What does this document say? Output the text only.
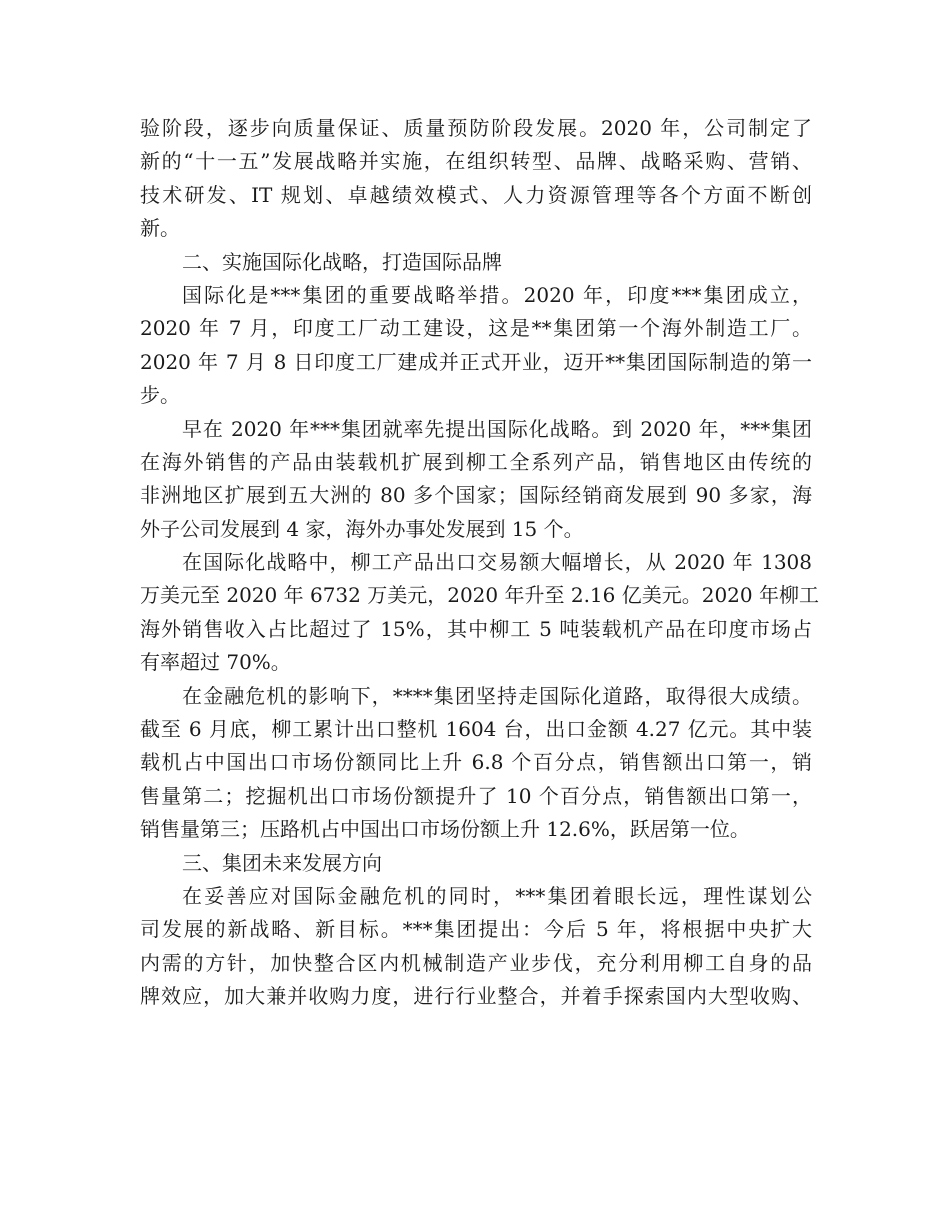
验阶段，逐步向质量保证、质量预防阶段发展。2020 年，公司制定了
新的“十一五”发展战略并实施，在组织转型、品牌、战略采购、营销、
技术研发、IT 规划、卓越绩效模式、人力资源管理等各个方面不断创
新。
二、实施国际化战略，打造国际品牌
国际化是***集团的重要战略举措。2020 年，印度***集团成立，
2020 年 7 月，印度工厂动工建设，这是**集团第一个海外制造工厂。
2020 年 7 月 8 日印度工厂建成并正式开业，迈开**集团国际制造的第一
步。
早在 2020 年***集团就率先提出国际化战略。到 2020 年，***集团
在海外销售的产品由装载机扩展到柳工全系列产品，销售地区由传统的
非洲地区扩展到五大洲的 80 多个国家；国际经销商发展到 90 多家，海
外子公司发展到 4 家，海外办事处发展到 15 个。
在国际化战略中，柳工产品出口交易额大幅增长，从 2020 年 1308
万美元至 2020 年 6732 万美元，2020 年升至 2.16 亿美元。2020 年柳工
海外销售收入占比超过了 15%，其中柳工 5 吨装载机产品在印度市场占
有率超过 70%。
在金融危机的影响下，****集团坚持走国际化道路，取得很大成绩。
截至 6 月底，柳工累计出口整机 1604 台，出口金额 4.27 亿元。其中装
载机占中国出口市场份额同比上升 6.8 个百分点，销售额出口第一，销
售量第二；挖掘机出口市场份额提升了 10 个百分点，销售额出口第一，
销售量第三；压路机占中国出口市场份额上升 12.6%，跃居第一位。
三、集团未来发展方向
在妥善应对国际金融危机的同时，***集团着眼长远，理性谋划公
司发展的新战略、新目标。***集团提出：今后 5 年，将根据中央扩大
内需的方针，加快整合区内机械制造产业步伐，充分利用柳工自身的品
牌效应，加大兼并收购力度，进行行业整合，并着手探索国内大型收购、
